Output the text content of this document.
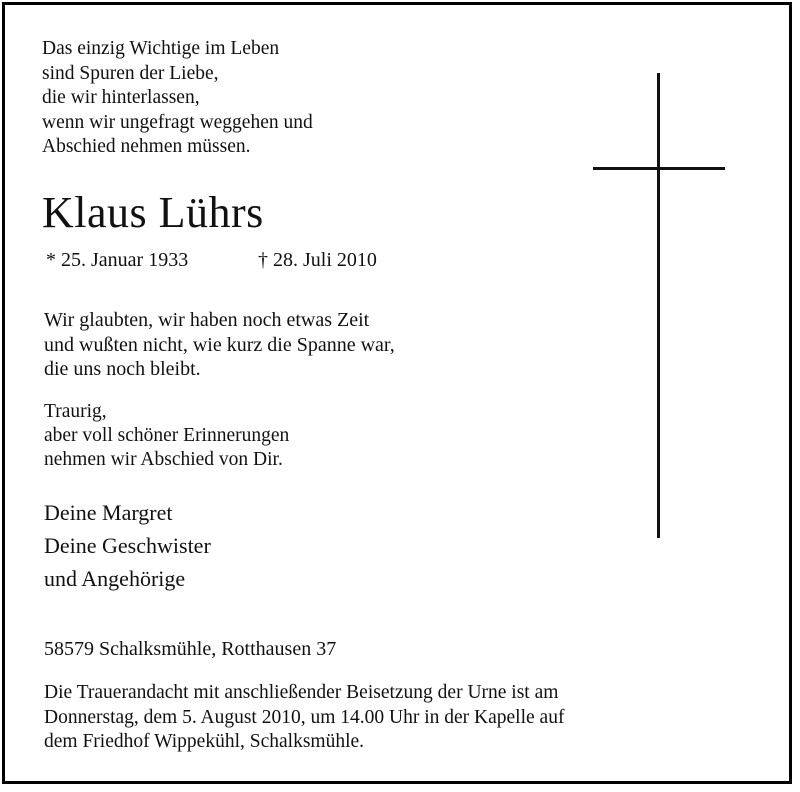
Das einzig Wichtige im Leben
sind Spuren der Liebe,
die wir hinterlassen,
wenn wir ungefragt weggehen und
Abschied nehmen müssen.
Klaus Lührs
* 25. Januar 1933	† 28. Juli 2010
Wir glaubten, wir haben noch etwas Zeit
und wußten nicht, wie kurz die Spanne war,
die uns noch bleibt.
Traurig,
aber voll schöner Erinnerungen
nehmen wir Abschied von Dir.
Deine Margret
Deine Geschwister
und Angehörige
58579 Schalksmühle, Rotthausen 37
Die Trauerandacht mit anschließender Beisetzung der Urne ist am
Donnerstag, dem 5. August 2010, um 14.00 Uhr in der Kapelle auf
dem Friedhof Wippekühl, Schalksmühle.
